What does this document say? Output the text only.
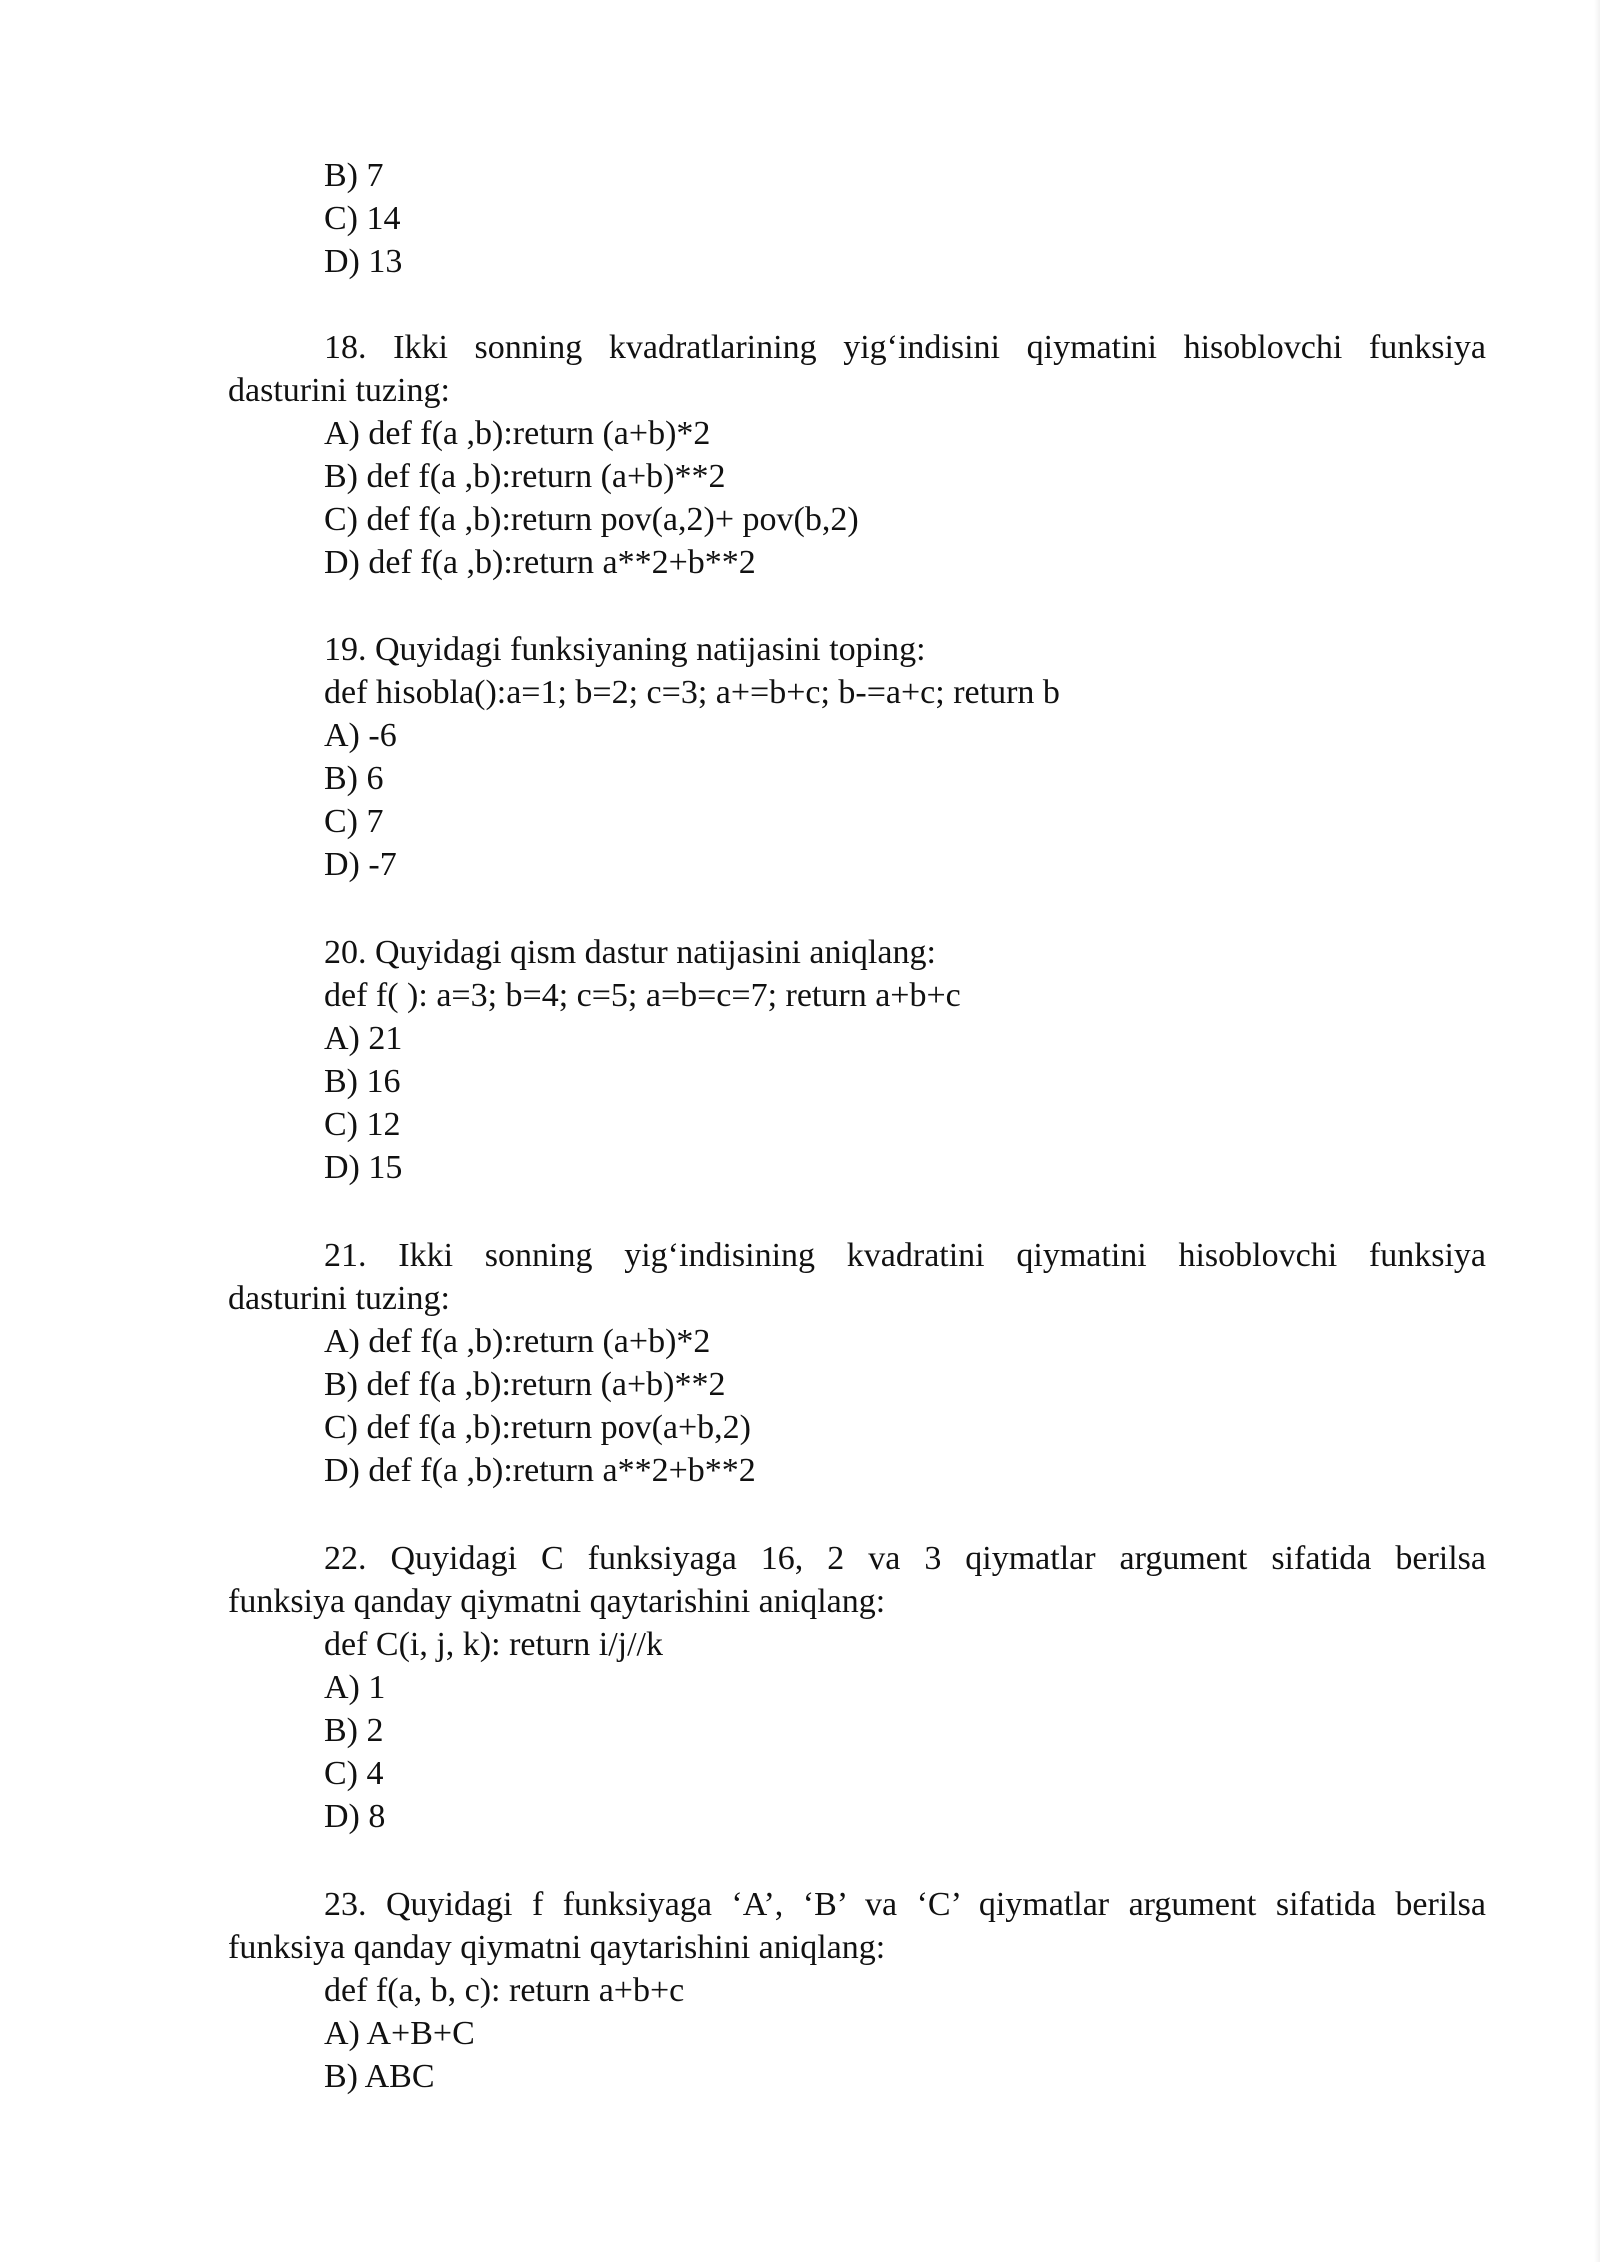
B) 7
C) 14
D) 13
18. Ikki sonning kvadratlarining yig‘indisini qiymatini hisoblovchi funksiya
dasturini tuzing:
A) def f(a ,b):return (a+b)*2
B) def f(a ,b):return (a+b)**2
C) def f(a ,b):return pov(a,2)+ pov(b,2)
D) def f(a ,b):return a**2+b**2
19. Quyidagi funksiyaning natijasini toping:
def hisobla():a=1; b=2; c=3; a+=b+c; b-=a+c; return b
A) -6
B) 6
C) 7
D) -7
20. Quyidagi qism dastur natijasini aniqlang:
def f( ): a=3; b=4; c=5; a=b=c=7; return a+b+c
A) 21
B) 16
C) 12
D) 15
21. Ikki sonning yig‘indisining kvadratini qiymatini hisoblovchi funksiya
dasturini tuzing:
A) def f(a ,b):return (a+b)*2
B) def f(a ,b):return (a+b)**2
C) def f(a ,b):return pov(a+b,2)
D) def f(a ,b):return a**2+b**2
22. Quyidagi C funksiyaga 16, 2 va 3 qiymatlar argument sifatida berilsa
funksiya qanday qiymatni qaytarishini aniqlang:
def C(i, j, k): return i/j//k
A) 1
B) 2
C) 4
D) 8
23. Quyidagi f funksiyaga ‘A’, ‘B’ va ‘C’ qiymatlar argument sifatida berilsa
funksiya qanday qiymatni qaytarishini aniqlang:
def f(a, b, c): return a+b+c
A) A+B+C
B) ABC
